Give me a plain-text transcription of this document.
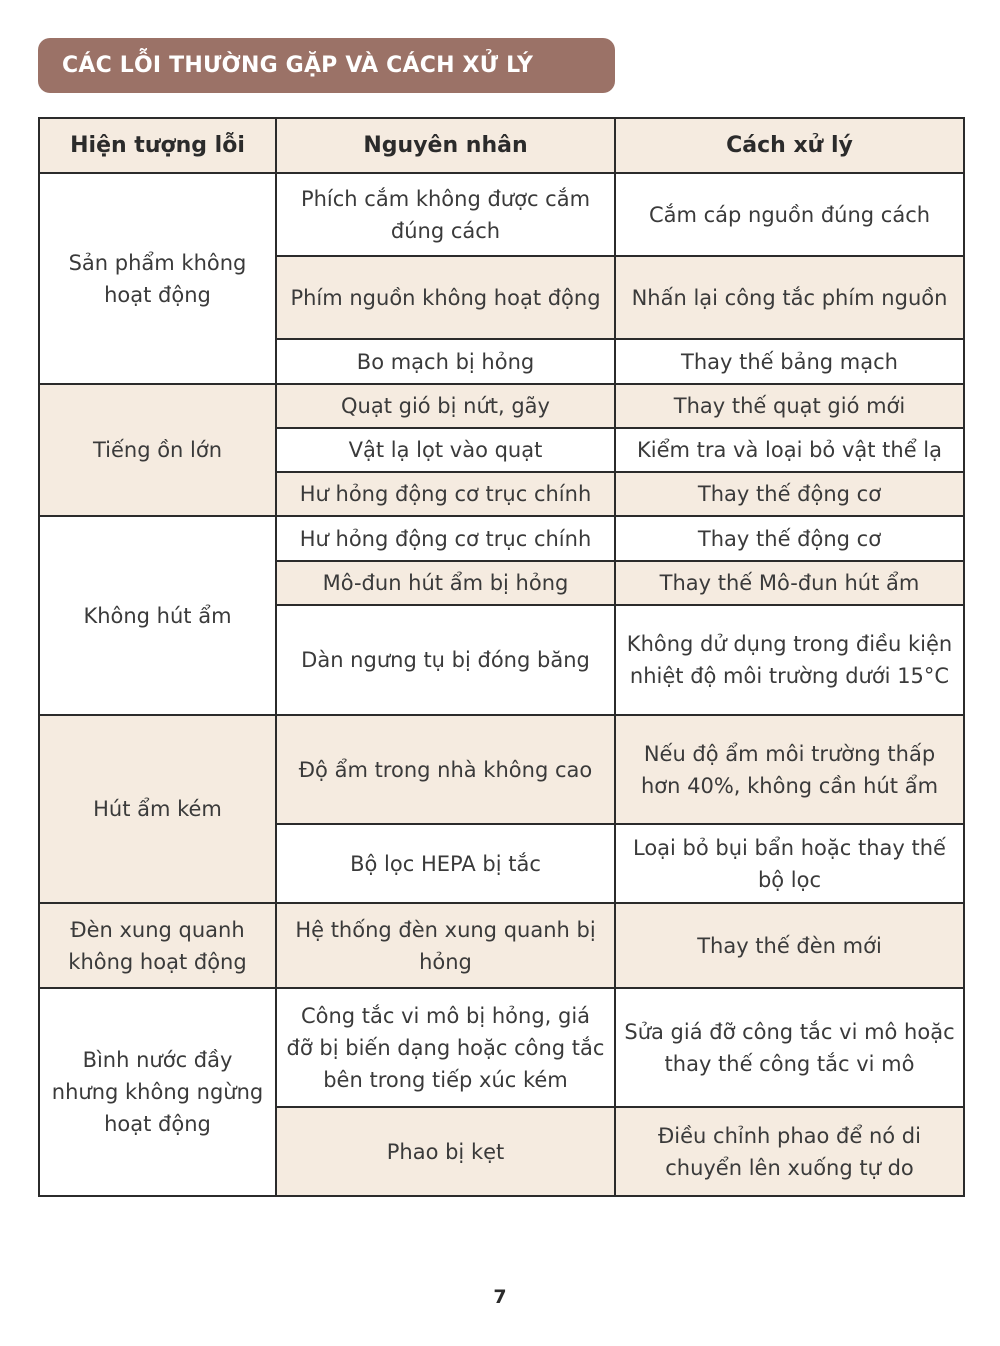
CÁC LỖI THƯỜNG GẶP VÀ CÁCH XỬ LÝ
Hiện tượng lỗi	Nguyên nhân	Cách xử lý
Sản phẩm không hoạt động	Phích cắm không được cắm đúng cách	Cắm cáp nguồn đúng cách
	Phím nguồn không hoạt động	Nhấn lại công tắc phím nguồn
	Bo mạch bị hỏng	Thay thế bảng mạch
Tiếng ồn lớn	Quạt gió bị nứt, gãy	Thay thế quạt gió mới
	Vật lạ lọt vào quạt	Kiểm tra và loại bỏ vật thể lạ
	Hư hỏng động cơ trục chính	Thay thế động cơ
Không hút ẩm	Hư hỏng động cơ trục chính	Thay thế động cơ
	Mô-đun hút ẩm bị hỏng	Thay thế Mô-đun hút ẩm
	Dàn ngưng tụ bị đóng băng	Không dử dụng trong điều kiện nhiệt độ môi trường dưới 15°C
Hút ẩm kém	Độ ẩm trong nhà không cao	Nếu độ ẩm môi trường thấp hơn 40%, không cần hút ẩm
	Bộ lọc HEPA bị tắc	Loại bỏ bụi bẩn hoặc thay thế bộ lọc
Đèn xung quanh không hoạt động	Hệ thống đèn xung quanh bị hỏng	Thay thế đèn mới
Bình nước đầy nhưng không ngừng hoạt động	Công tắc vi mô bị hỏng, giá đỡ bị biến dạng hoặc công tắc bên trong tiếp xúc kém	Sửa giá đỡ công tắc vi mô hoặc thay thế công tắc vi mô
	Phao bị kẹt	Điều chỉnh phao để nó di chuyển lên xuống tự do
7
